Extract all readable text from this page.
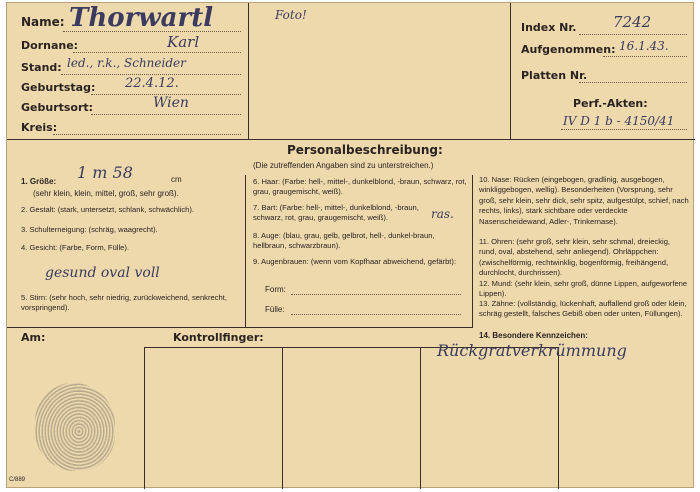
Name: Thorwartl
Dornane:	Karl
Stand: led., r.k., Schneider
Geburtstag: 22.4.12.
Geburtsort:	Wien
Kreis:
Foto!
Index Nr. 7242
Aufgenommen: 16.1.43.
Platten Nr.
Perf.-Akten:
IV D 1 b - 4150/41
Personalbeschreibung:
(Die zutreffenden Angaben sind zu unterstreichen.)
1. Größe: 1 m 58	cm
(sehr klein, klein, mittel, groß, sehr groß).
2. Gestalt: (stark, untersetzt, schlank, schwächlich).
3. Schulterneigung: (schräg, waagrecht).
4. Gesicht: (Farbe, Form, Fülle).
gesund oval voll
5. Stirn: (sehr hoch, sehr niedrig, zurückweichend, senkrecht, vorspringend).
6. Haar: (Farbe: hell-, mittel-, dunkelblond, -braun, schwarz, rot, grau, graugemischt, weiß).
7. Bart: (Farbe: hell-, mittel-, dunkelblond, -braun, schwarz, rot, grau, graugemischt, weiß).	ras.
8. Auge: (blau, grau, gelb, gelbrot, hell-, dunkel-braun, hellbraun, schwarzbraun).
9. Augenbrauen: (wenn vom Kopfhaar abweichend, gefärbt):
Form:
Fülle:
10. Nase: Rücken (eingebogen, gradlinig, ausgebogen, winkliggebogen, wellig). Besonderheiten (Vorsprung, sehr groß, sehr klein, sehr dick, sehr spitz, aufgestülpt, schief, nach rechts, links), stark sichtbare oder verdeckte Nasenscheidewand, Adler-, Trinkernase).
11. Ohren: (sehr groß, sehr klein, sehr schmal, dreieckig, rund, oval, abstehend, sehr anliegend). Ohrläppchen: (zwischelförmig, rechtwinklig, bogenförmig, freihängend, durchlocht, durchrissen).
12. Mund: (sehr klein, sehr groß, dünne Lippen, aufgeworfene Lippen).
13. Zähne: (vollständig, lückenhaft, auffallend groß oder klein, schräg gestellt, falsches Gebiß oben oder unten, Füllungen).
14. Besondere Kennzeichen:
Rückgratverkrümmung
Am:	Kontrollfinger:
C/889
